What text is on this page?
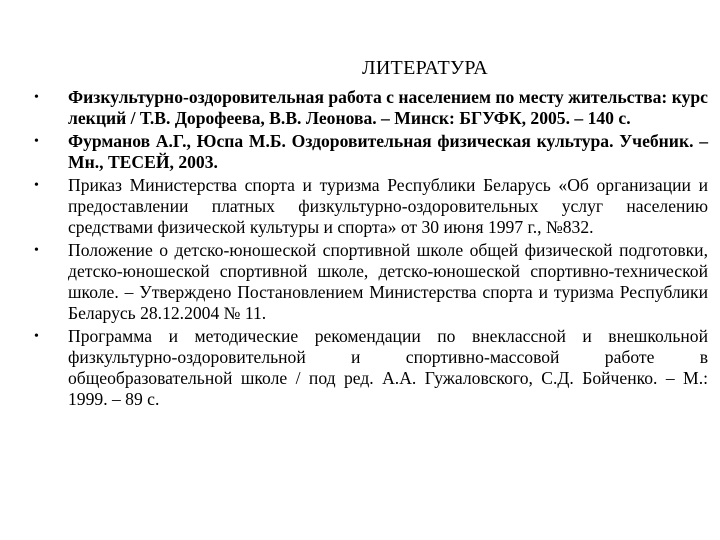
ЛИТЕРАТУРА
•	Физкультурно-оздоровительная работа с населением по месту жительства: курс лекций / Т.В. Дорофеева, В.В. Леонова. – Минск: БГУФК, 2005. – 140 с.
•	Фурманов А.Г., Юспа М.Б. Оздоровительная физическая культура. Учебник. – Мн., ТЕСЕЙ, 2003.
•	Приказ Министерства спорта и туризма Республики Беларусь «Об организации и предоставлении платных физкультурно-оздоровительных услуг населению средствами физической культуры и спорта» от 30 июня 1997 г., №832.
•	Положение о детско-юношеской спортивной школе общей физической подготовки, детско-юношеской спортивной школе, детско-юношеской спортивно-технической школе. – Утверждено Постановлением Министерства спорта и туризма Республики Беларусь 28.12.2004 № 11.
•	Программа и методические рекомендации по внеклассной и внешкольной физкультурно-оздоровительной и спортивно-массовой работе в общеобразовательной школе / под ред. А.А. Гужаловского, С.Д. Бойченко. – М.: 1999. – 89 с.
